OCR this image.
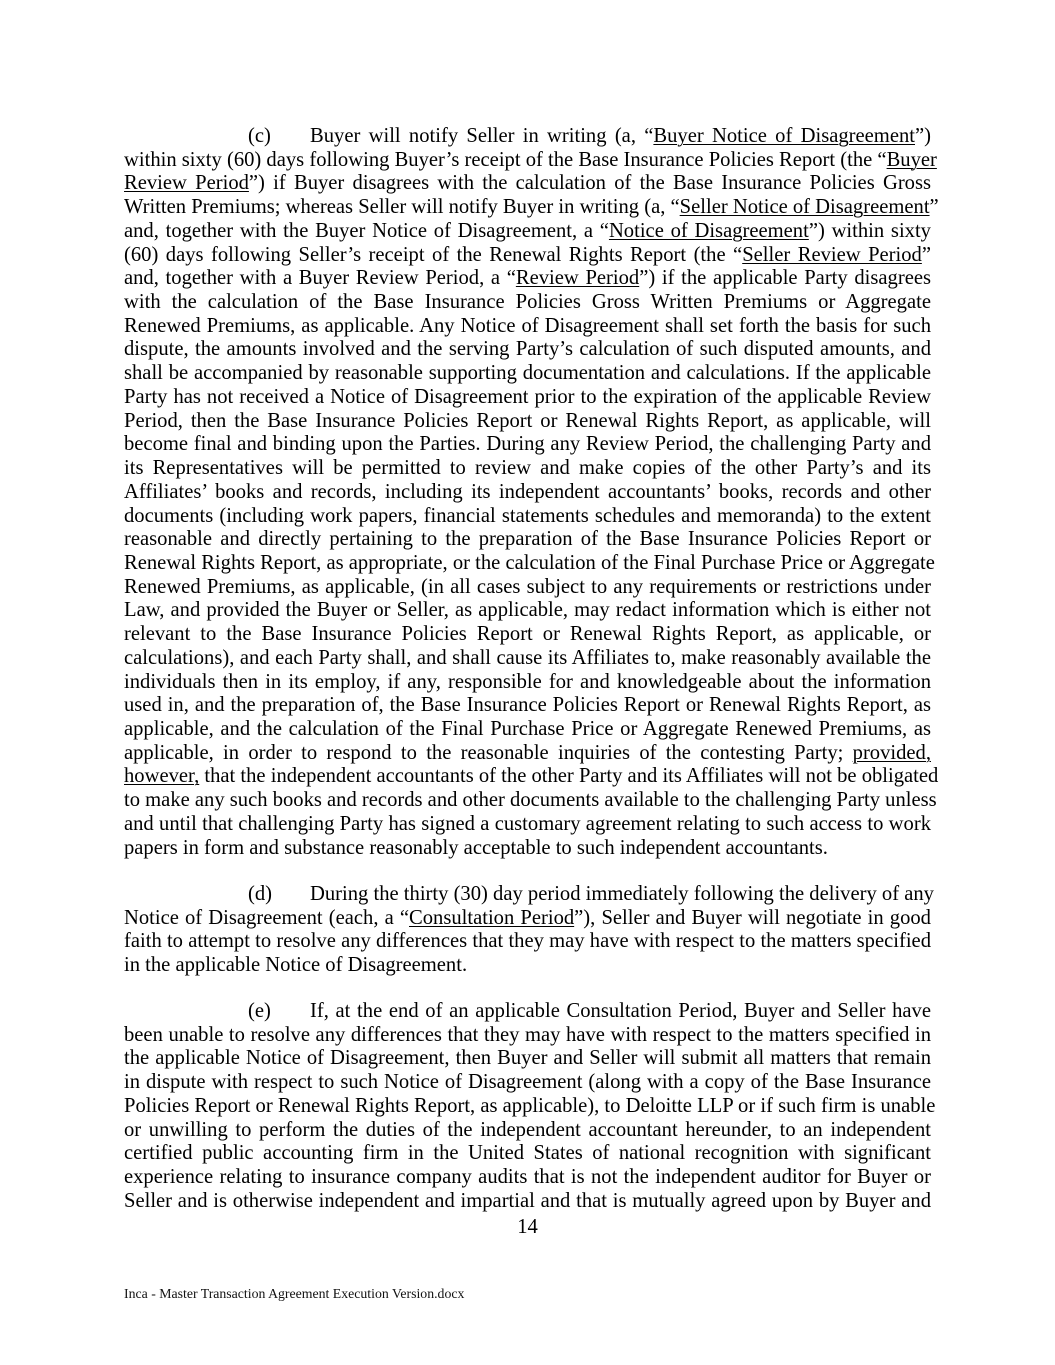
(c) Buyer will notify Seller in writing (a, “Buyer Notice of Disagreement”)
within sixty (60) days following Buyer’s receipt of the Base Insurance Policies Report (the “Buyer
Review Period”) if Buyer disagrees with the calculation of the Base Insurance Policies Gross
Written Premiums; whereas Seller will notify Buyer in writing (a, “Seller Notice of Disagreement”
and, together with the Buyer Notice of Disagreement, a “Notice of Disagreement”) within sixty
(60) days following Seller’s receipt of the Renewal Rights Report (the “Seller Review Period”
and, together with a Buyer Review Period, a “Review Period”) if the applicable Party disagrees
with the calculation of the Base Insurance Policies Gross Written Premiums or Aggregate
Renewed Premiums, as applicable. Any Notice of Disagreement shall set forth the basis for such
dispute, the amounts involved and the serving Party’s calculation of such disputed amounts, and
shall be accompanied by reasonable supporting documentation and calculations. If the applicable
Party has not received a Notice of Disagreement prior to the expiration of the applicable Review
Period, then the Base Insurance Policies Report or Renewal Rights Report, as applicable, will
become final and binding upon the Parties. During any Review Period, the challenging Party and
its Representatives will be permitted to review and make copies of the other Party’s and its
Affiliates’ books and records, including its independent accountants’ books, records and other
documents (including work papers, financial statements schedules and memoranda) to the extent
reasonable and directly pertaining to the preparation of the Base Insurance Policies Report or
Renewal Rights Report, as appropriate, or the calculation of the Final Purchase Price or Aggregate
Renewed Premiums, as applicable, (in all cases subject to any requirements or restrictions under
Law, and provided the Buyer or Seller, as applicable, may redact information which is either not
relevant to the Base Insurance Policies Report or Renewal Rights Report, as applicable, or
calculations), and each Party shall, and shall cause its Affiliates to, make reasonably available the
individuals then in its employ, if any, responsible for and knowledgeable about the information
used in, and the preparation of, the Base Insurance Policies Report or Renewal Rights Report, as
applicable, and the calculation of the Final Purchase Price or Aggregate Renewed Premiums, as
applicable, in order to respond to the reasonable inquiries of the contesting Party; provided,
however, that the independent accountants of the other Party and its Affiliates will not be obligated
to make any such books and records and other documents available to the challenging Party unless
and until that challenging Party has signed a customary agreement relating to such access to work
papers in form and substance reasonably acceptable to such independent accountants.
(d) During the thirty (30) day period immediately following the delivery of any
Notice of Disagreement (each, a “Consultation Period”), Seller and Buyer will negotiate in good
faith to attempt to resolve any differences that they may have with respect to the matters specified
in the applicable Notice of Disagreement.
(e) If, at the end of an applicable Consultation Period, Buyer and Seller have
been unable to resolve any differences that they may have with respect to the matters specified in
the applicable Notice of Disagreement, then Buyer and Seller will submit all matters that remain
in dispute with respect to such Notice of Disagreement (along with a copy of the Base Insurance
Policies Report or Renewal Rights Report, as applicable), to Deloitte LLP or if such firm is unable
or unwilling to perform the duties of the independent accountant hereunder, to an independent
certified public accounting firm in the United States of national recognition with significant
experience relating to insurance company audits that is not the independent auditor for Buyer or
Seller and is otherwise independent and impartial and that is mutually agreed upon by Buyer and
14
Inca - Master Transaction Agreement Execution Version.docx
